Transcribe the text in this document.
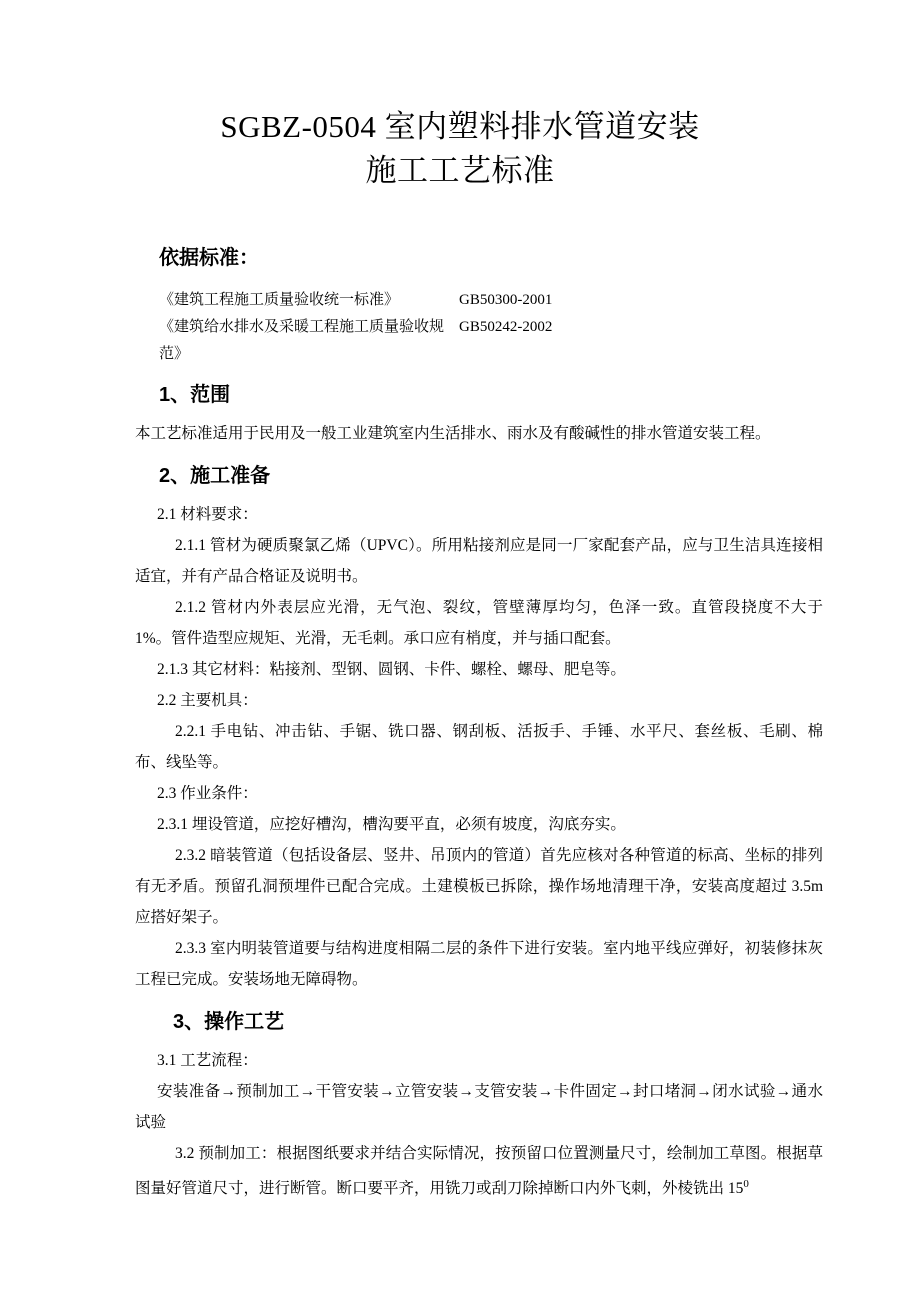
SGBZ-0504 室内塑料排水管道安装
施工工艺标准
依据标准：
《建筑工程施工质量验收统一标准》	GB50300-2001
《建筑给水排水及采暖工程施工质量验收规范》
GB50242-2002
1、范围

本工艺标准适用于民用及一般工业建筑室内生活排水、雨水及有酸碱性的排水管道安装工程。

2、施工准备

2.1 材料要求：

2.1.1 管材为硬质聚氯乙烯（UPVC）。所用粘接剂应是同一厂家配套产品，应与卫生洁具连接相适宜，并有产品合格证及说明书。

2.1.2 管材内外表层应光滑，无气泡、裂纹，管壁薄厚均匀，色泽一致。直管段挠度不大于 1%。管件造型应规矩、光滑，无毛刺。承口应有梢度，并与插口配套。

2.1.3 其它材料：粘接剂、型钢、圆钢、卡件、螺栓、螺母、肥皂等。

2.2 主要机具：

2.2.1 手电钻、冲击钻、手锯、铣口器、钢刮板、活扳手、手锤、水平尺、套丝板、毛刷、棉布、线坠等。

2.3 作业条件：

2.3.1 埋设管道，应挖好槽沟，槽沟要平直，必须有坡度，沟底夯实。

2.3.2 暗装管道（包括设备层、竖井、吊顶内的管道）首先应核对各种管道的标高、坐标的排列有无矛盾。预留孔洞预埋件已配合完成。土建模板已拆除，操作场地清理干净，安装高度超过 3.5m 应搭好架子。

2.3.3 室内明装管道要与结构进度相隔二层的条件下进行安装。室内地平线应弹好，初装修抹灰工程已完成。安装场地无障碍物。

3、操作工艺

3.1 工艺流程：

安装准备→预制加工→干管安装→立管安装→支管安装→卡件固定→封口堵洞→闭水试验→通水试验

3.2 预制加工：根据图纸要求并结合实际情况，按预留口位置测量尺寸，绘制加工草图。根据草图量好管道尺寸，进行断管。断口要平齐，用铣刀或刮刀除掉断口内外飞刺，外棱铣出 $15^0$
